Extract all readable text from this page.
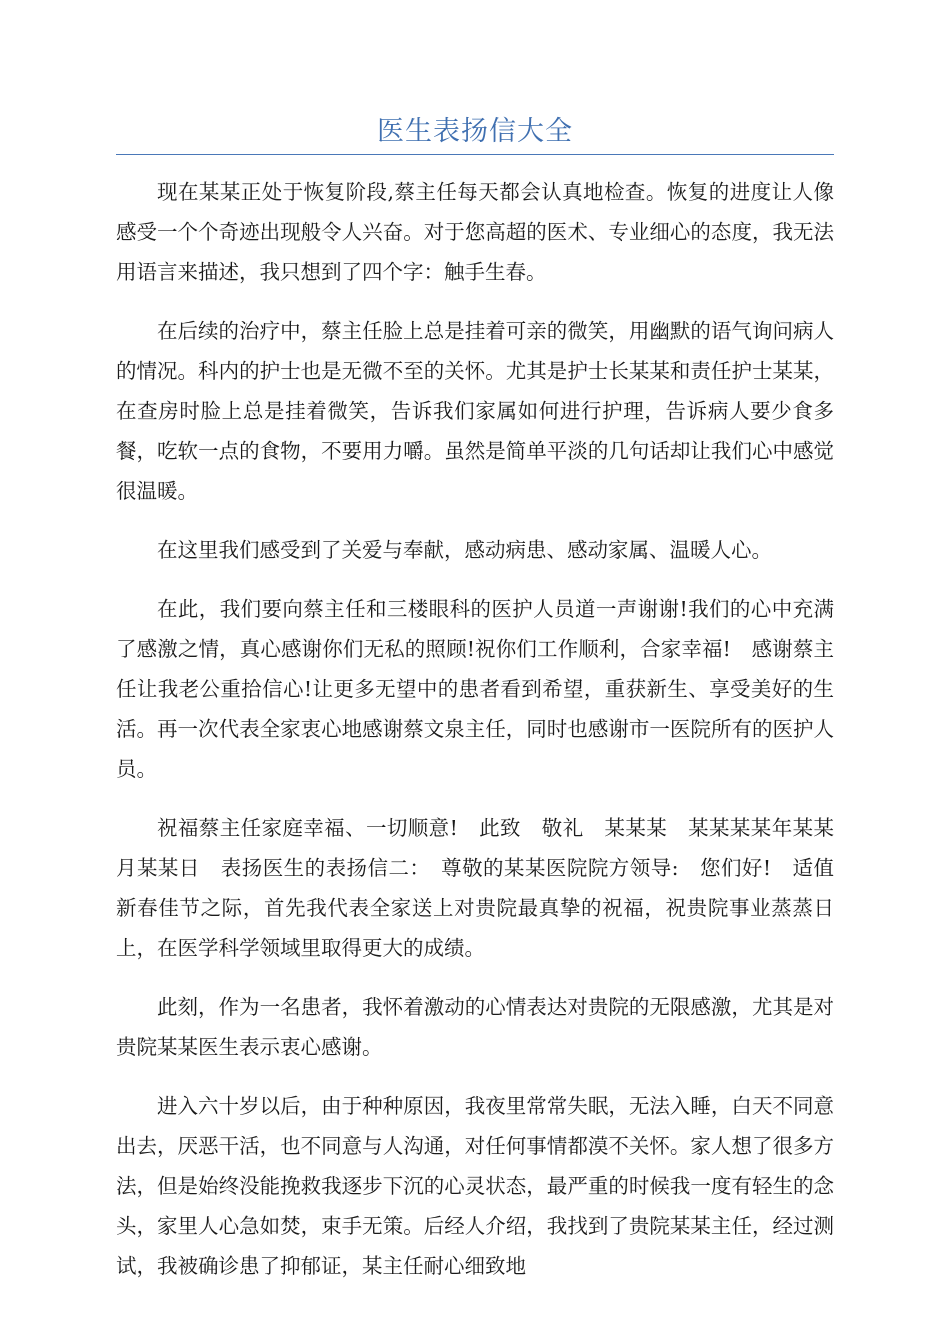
医生表扬信大全

现在某某正处于恢复阶段,蔡主任每天都会认真地检查。恢复的进度让人像感受一个个奇迹出现般令人兴奋。对于您高超的医术、专业细心的态度，我无法用语言来描述，我只想到了四个字：触手生春。

在后续的治疗中，蔡主任脸上总是挂着可亲的微笑，用幽默的语气询问病人的情况。科内的护士也是无微不至的关怀。尤其是护士长某某和责任护士某某，在查房时脸上总是挂着微笑，告诉我们家属如何进行护理，告诉病人要少食多餐，吃软一点的食物，不要用力嚼。虽然是简单平淡的几句话却让我们心中感觉很温暖。

在这里我们感受到了关爱与奉献，感动病患、感动家属、温暖人心。

在此，我们要向蔡主任和三楼眼科的医护人员道一声谢谢!我们的心中充满了感激之情，真心感谢你们无私的照顾!祝你们工作顺利，合家幸福!　感谢蔡主任让我老公重拾信心!让更多无望中的患者看到希望，重获新生、享受美好的生活。再一次代表全家衷心地感谢蔡文泉主任，同时也感谢市一医院所有的医护人员。

祝福蔡主任家庭幸福、一切顺意!　此致　敬礼　某某某　某某某某年某某月某某日　表扬医生的表扬信二：　尊敬的某某医院院方领导:　您们好!　适值新春佳节之际，首先我代表全家送上对贵院最真挚的祝福，祝贵院事业蒸蒸日上，在医学科学领域里取得更大的成绩。

此刻，作为一名患者，我怀着激动的心情表达对贵院的无限感激，尤其是对贵院某某医生表示衷心感谢。

进入六十岁以后，由于种种原因，我夜里常常失眠，无法入睡，白天不同意出去，厌恶干活，也不同意与人沟通，对任何事情都漠不关怀。家人想了很多方法，但是始终没能挽救我逐步下沉的心灵状态，最严重的时候我一度有轻生的念头，家里人心急如焚，束手无策。后经人介绍，我找到了贵院某某主任，经过测试，我被确诊患了抑郁证，某主任耐心细致地
